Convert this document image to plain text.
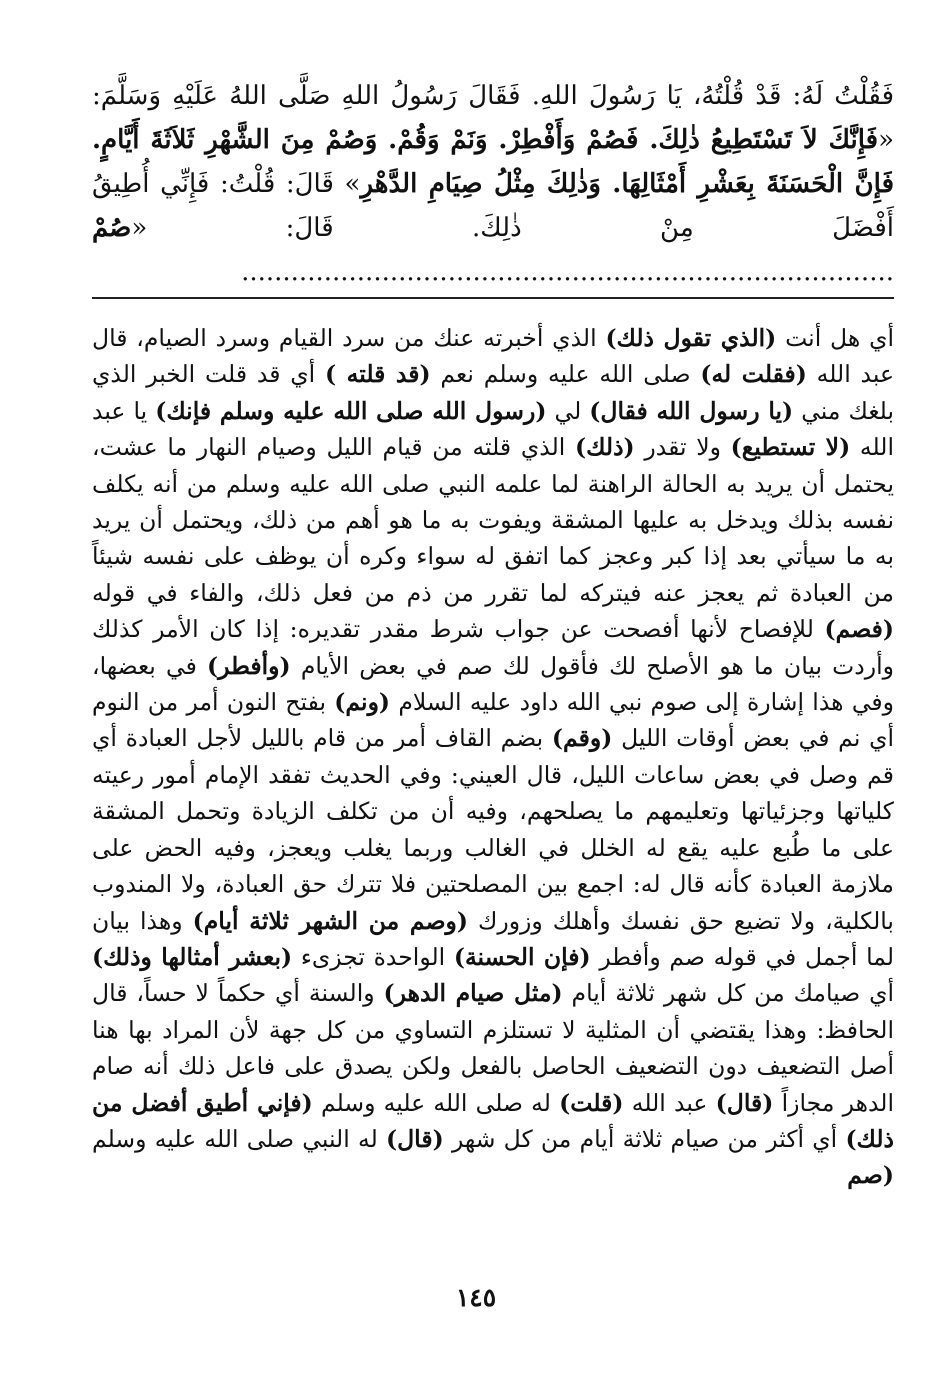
فَقُلْتُ لَهُ: قَدْ قُلْتُهُ، يَا رَسُولَ اللهِ. فَقَالَ رَسُولُ اللهِ صَلَّى اللهُ عَلَيْهِ وَسَلَّمَ: «فَإِنَّكَ لاَ تَسْتَطِيعُ ذٰلِكَ. فَصُمْ وَأَفْطِرْ. وَنَمْ وَقُمْ. وَصُمْ مِنَ الشَّهْرِ ثَلاَثَةَ أَيَّامٍ. فَإِنَّ الْحَسَنَةَ بِعَشْرِ أَمْثَالِهَا. وَذٰلِكَ مِثْلُ صِيَامِ الدَّهْرِ» قَالَ: قُلْتُ: فَإِنِّي أُطِيقُ أَفْضَلَ مِنْ ذٰلِكَ. قَالَ: «صُمْ ...............................................................................
أي هل أنت (الذي تقول ذلك) الذي أخبرته عنك من سرد القيام وسرد الصيام، قال عبد الله (فقلت له) صلى الله عليه وسلم نعم (قد قلته ) أي قد قلت الخبر الذي بلغك مني (يا رسول الله فقال) لي (رسول الله صلى الله عليه وسلم فإنك) يا عبد الله (لا تستطيع) ولا تقدر (ذلك) الذي قلته من قيام الليل وصيام النهار ما عشت، يحتمل أن يريد به الحالة الراهنة لما علمه النبي صلى الله عليه وسلم من أنه يكلف نفسه بذلك ويدخل به عليها المشقة ويفوت به ما هو أهم من ذلك، ويحتمل أن يريد به ما سيأتي بعد إذا كبر وعجز كما اتفق له سواء وكره أن يوظف على نفسه شيئاً من العبادة ثم يعجز عنه فيتركه لما تقرر من ذم من فعل ذلك، والفاء في قوله (فصم) للإفصاح لأنها أفصحت عن جواب شرط مقدر تقديره: إذا كان الأمر كذلك وأردت بيان ما هو الأصلح لك فأقول لك صم في بعض الأيام (وأفطر) في بعضها، وفي هذا إشارة إلى صوم نبي الله داود عليه السلام (ونم) بفتح النون أمر من النوم أي نم في بعض أوقات الليل (وقم) بضم القاف أمر من قام بالليل لأجل العبادة أي قم وصل في بعض ساعات الليل، قال العيني: وفي الحديث تفقد الإمام أمور رعيته كلياتها وجزئياتها وتعليمهم ما يصلحهم، وفيه أن من تكلف الزيادة وتحمل المشقة على ما طُبع عليه يقع له الخلل في الغالب وربما يغلب ويعجز، وفيه الحض على ملازمة العبادة كأنه قال له: اجمع بين المصلحتين فلا تترك حق العبادة، ولا المندوب بالكلية، ولا تضيع حق نفسك وأهلك وزورك (وصم من الشهر ثلاثة أيام) وهذا بيان لما أجمل في قوله صم وأفطر (فإن الحسنة) الواحدة تجزىء (بعشر أمثالها وذلك) أي صيامك من كل شهر ثلاثة أيام (مثل صيام الدهر) والسنة أي حكماً لا حساً، قال الحافظ: وهذا يقتضي أن المثلية لا تستلزم التساوي من كل جهة لأن المراد بها هنا أصل التضعيف دون التضعيف الحاصل بالفعل ولكن يصدق على فاعل ذلك أنه صام الدهر مجازاً (قال) عبد الله (قلت) له صلى الله عليه وسلم (فإني أطيق أفضل من ذلك) أي أكثر من صيام ثلاثة أيام من كل شهر (قال) له النبي صلى الله عليه وسلم (صم
١٤٥
